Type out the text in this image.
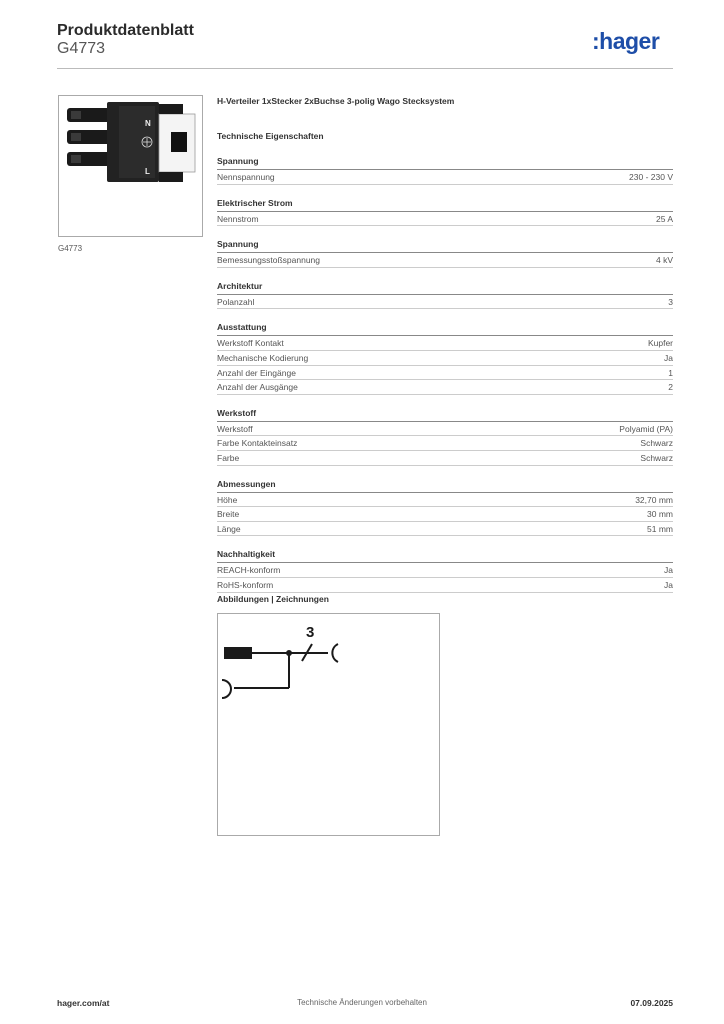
Produktdatenblatt
G4773	:hager
N
L
G4773
H-Verteiler 1xStecker 2xBuchse 3-polig Wago Stecksystem
Technische Eigenschaften
Spannung
Nennspannung	230 - 230 V
Elektrischer Strom
Nennstrom	25 A
Spannung
Bemessungsstoßspannung	4 kV
Architektur
Polanzahl	3
Ausstattung
Werkstoff Kontakt	Kupfer
Mechanische Kodierung	Ja
Anzahl der Eingänge	1
Anzahl der Ausgänge	2
Werkstoff
Werkstoff	Polyamid (PA)
Farbe Kontakteinsatz	Schwarz
Farbe	Schwarz
Abmessungen
Höhe	32,70 mm
Breite	30 mm
Länge	51 mm
Nachhaltigkeit
REACH-konform	Ja
RoHS-konform	Ja
Abbildungen | Zeichnungen
3
hager.com/at	Technische Änderungen vorbehalten	07.09.2025
